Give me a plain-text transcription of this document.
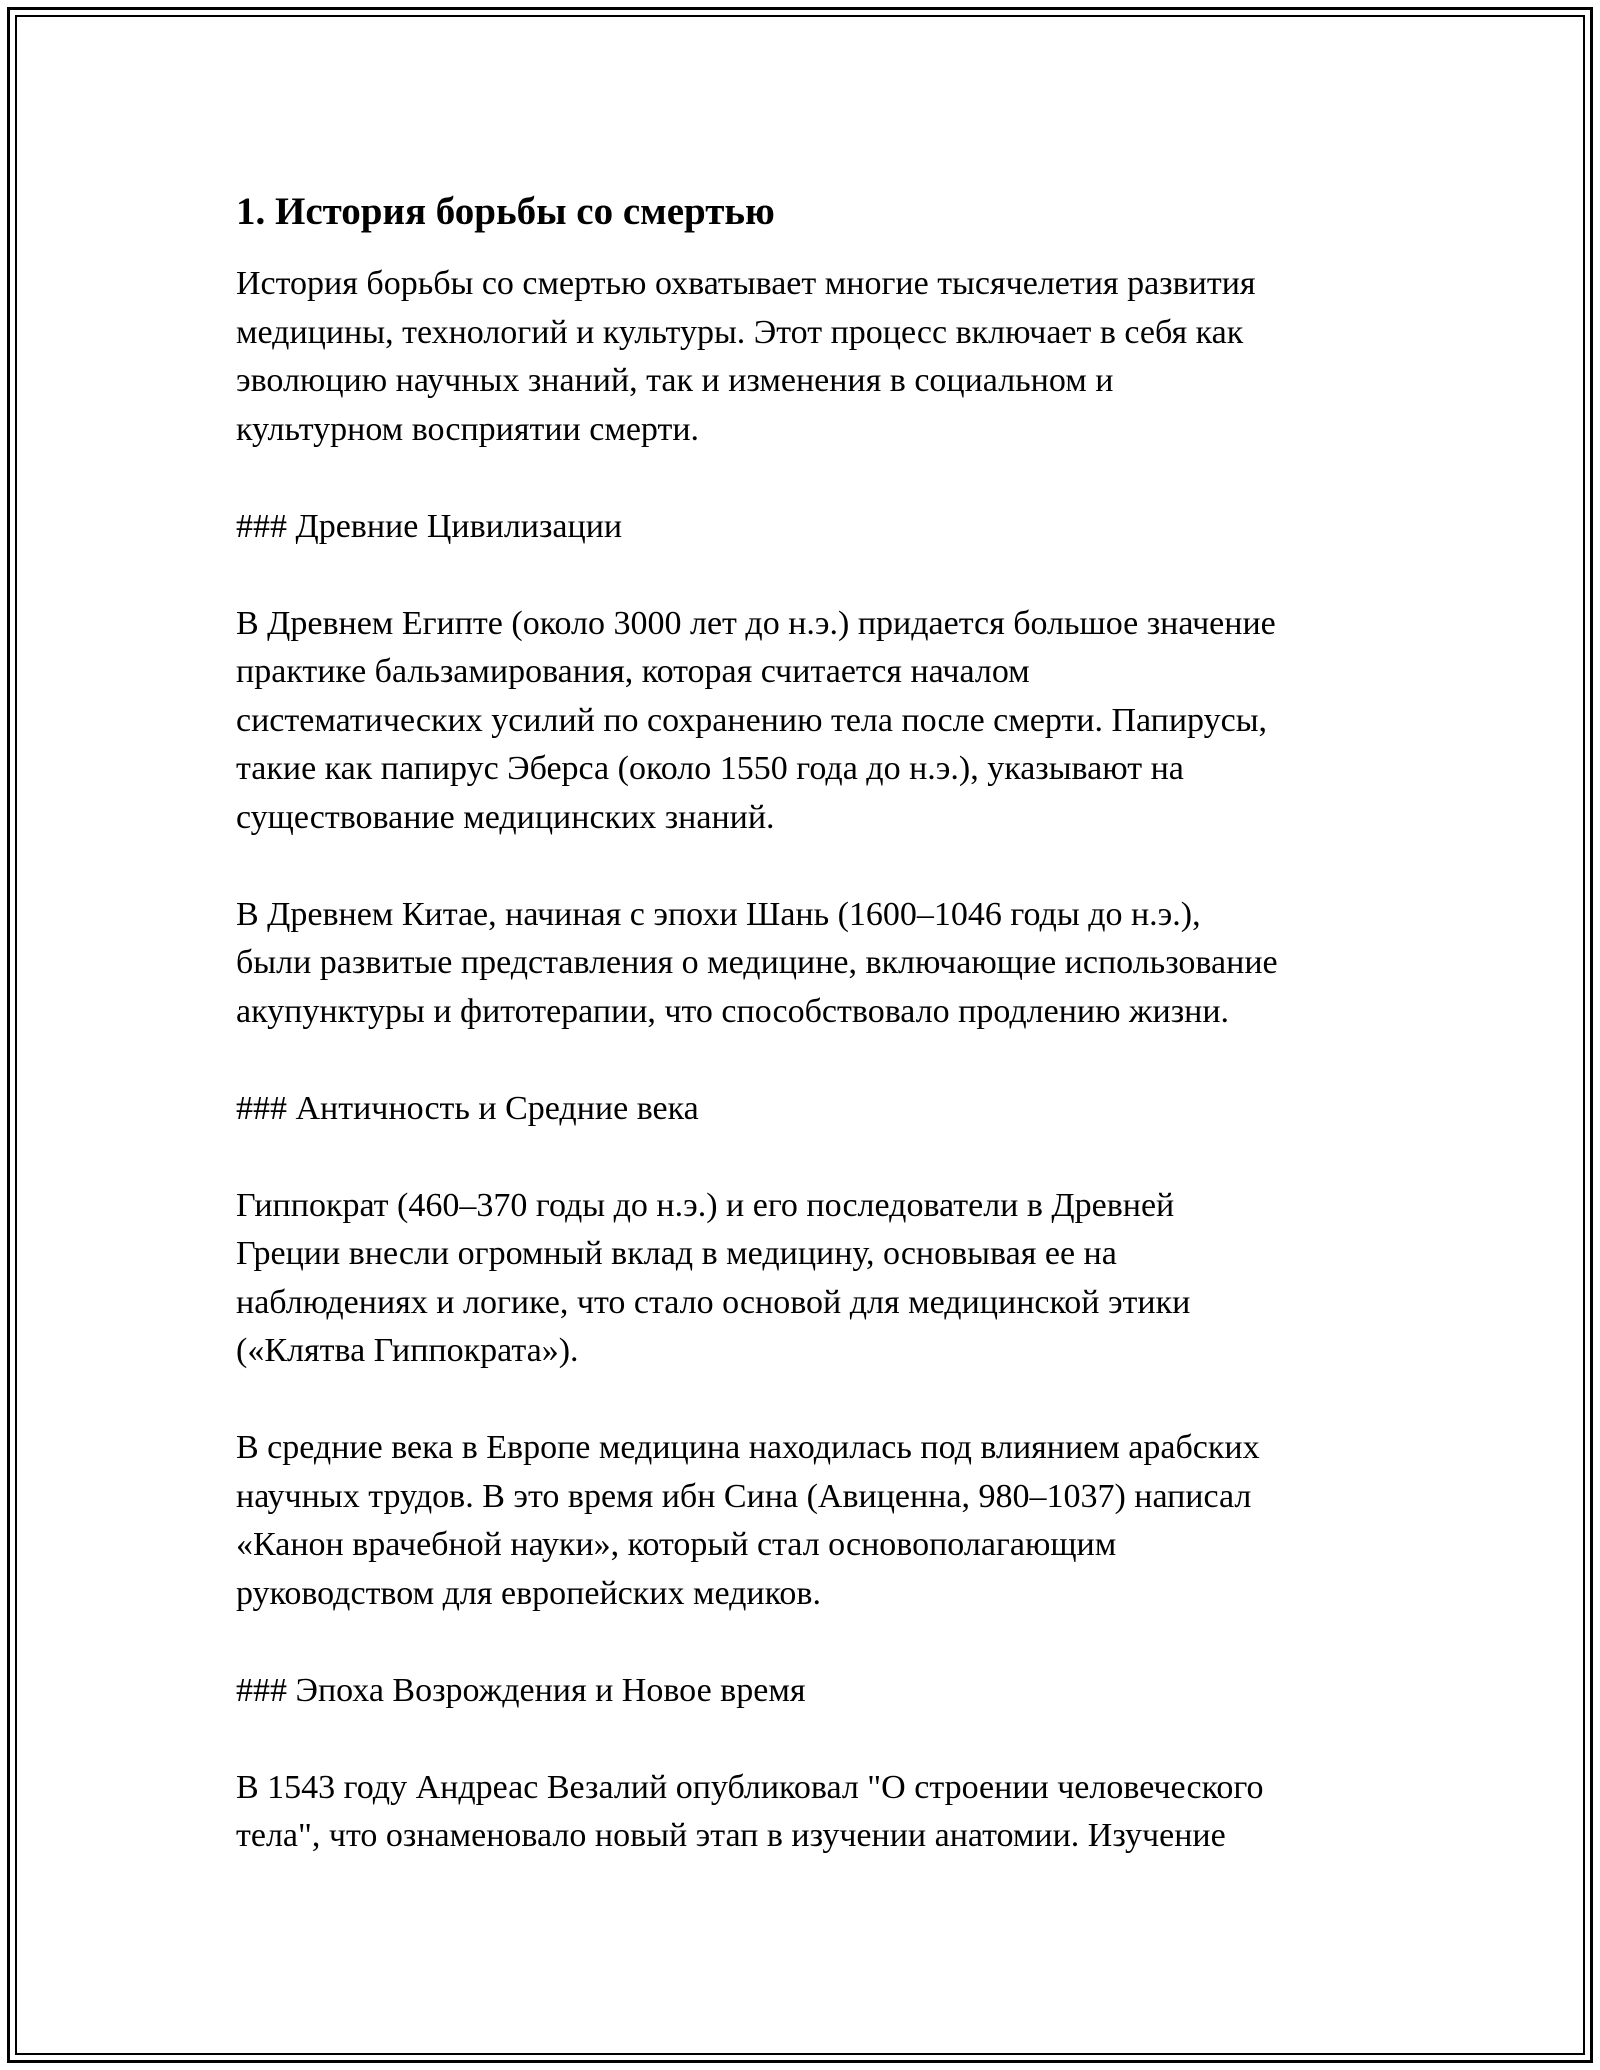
1. История борьбы со смертью
История борьбы со смертью охватывает многие тысячелетия развития
медицины, технологий и культуры. Этот процесс включает в себя как
эволюцию научных знаний, так и изменения в социальном и
культурном восприятии смерти.
### Древние Цивилизации
В Древнем Египте (около 3000 лет до н.э.) придается большое значение
практике бальзамирования, которая считается началом
систематических усилий по сохранению тела после смерти. Папирусы,
такие как папирус Эберса (около 1550 года до н.э.), указывают на
существование медицинских знаний.
В Древнем Китае, начиная с эпохи Шань (1600–1046 годы до н.э.),
были развитые представления о медицине, включающие использование
акупунктуры и фитотерапии, что способствовало продлению жизни.
### Античность и Средние века
Гиппократ (460–370 годы до н.э.) и его последователи в Древней
Греции внесли огромный вклад в медицину, основывая ее на
наблюдениях и логике, что стало основой для медицинской этики
(«Клятва Гиппократа»).
В средние века в Европе медицина находилась под влиянием арабских
научных трудов. В это время ибн Сина (Авиценна, 980–1037) написал
«Канон врачебной науки», который стал основополагающим
руководством для европейских медиков.
### Эпоха Возрождения и Новое время
В 1543 году Андреас Везалий опубликовал "О строении человеческого
тела", что ознаменовало новый этап в изучении анатомии. Изучение
